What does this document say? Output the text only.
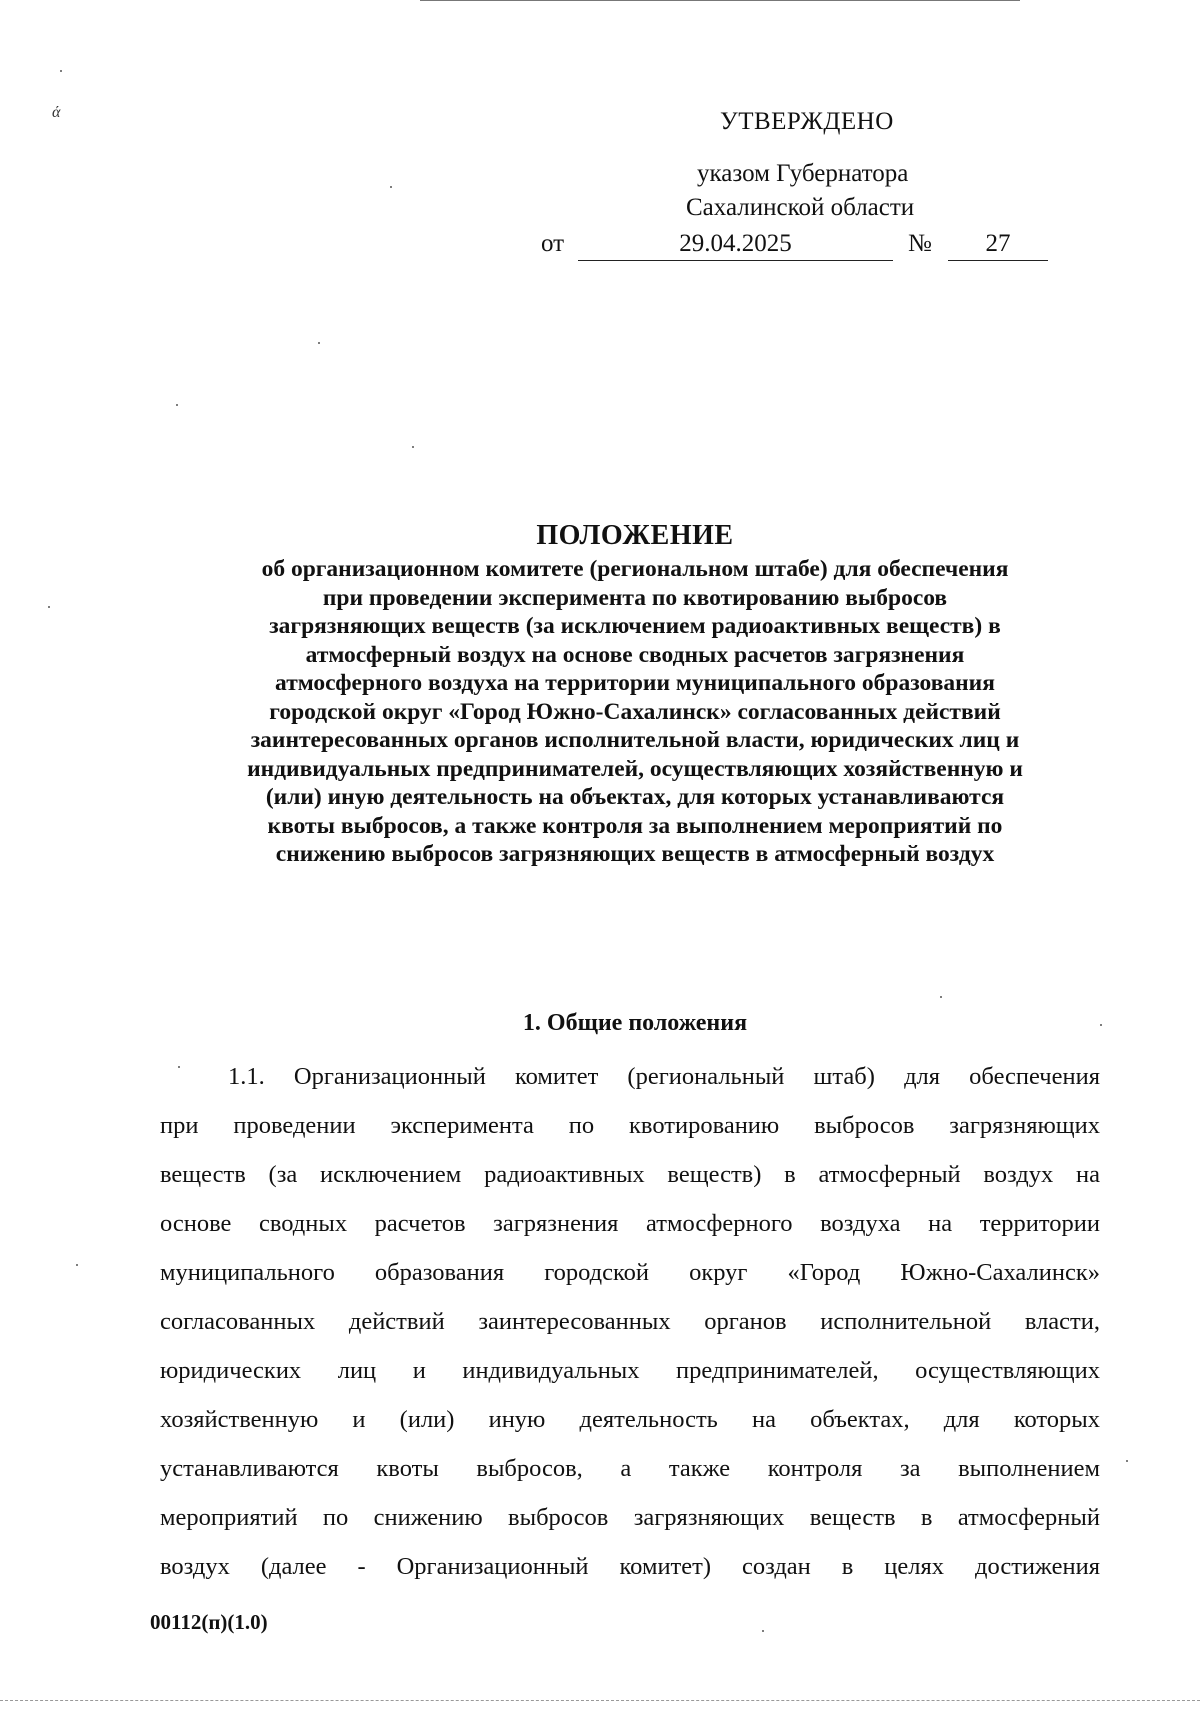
ά	УТВЕРЖДЕНО
указом Губернатора
Сахалинской области
от	29.04.2025	№	27
ПОЛОЖЕНИЕ
об организационном комитете (региональном штабе) для обеспечения
при проведении эксперимента по квотированию выбросов
загрязняющих веществ (за исключением радиоактивных веществ) в
атмосферный воздух на основе сводных расчетов загрязнения
атмосферного воздуха на территории муниципального образования
городской округ «Город Южно-Сахалинск» согласованных действий
заинтересованных органов исполнительной власти, юридических лиц и
индивидуальных предпринимателей, осуществляющих хозяйственную и
(или) иную деятельность на объектах, для которых устанавливаются
квоты выбросов, а также контроля за выполнением мероприятий по
снижению выбросов загрязняющих веществ в атмосферный воздух
1. Общие положения
1.1. Организационный комитет (региональный штаб) для обеспечения
при проведении эксперимента по квотированию выбросов загрязняющих
веществ (за исключением радиоактивных веществ) в атмосферный воздух на
основе сводных расчетов загрязнения атмосферного воздуха на территории
муниципального образования городской округ «Город Южно-Сахалинск»
согласованных действий заинтересованных органов исполнительной власти,
юридических лиц и индивидуальных предпринимателей, осуществляющих
хозяйственную и (или) иную деятельность на объектах, для которых
устанавливаются квоты выбросов, а также контроля за выполнением
мероприятий по снижению выбросов загрязняющих веществ в атмосферный
воздух (далее - Организационный комитет) создан в целях достижения
00112(п)(1.0)
